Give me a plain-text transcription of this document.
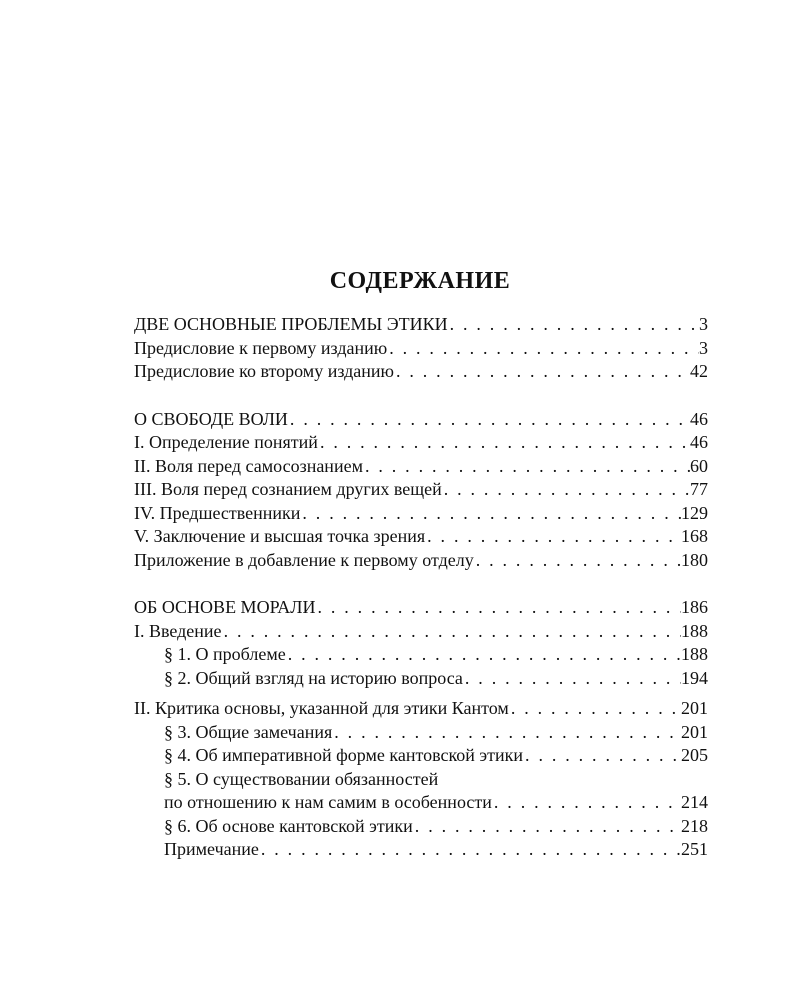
СОДЕРЖАНИЕ
ДВЕ ОСНОВНЫЕ ПРОБЛЕМЫ ЭТИКИ . . .	3
Предисловие к первому изданию . . .	3
Предисловие ко второму изданию . . .	42
О СВОБОДЕ ВОЛИ . . .	46
I. Определение понятий . . .	46
II. Воля перед самосознанием . . .	60
III. Воля перед сознанием других вещей . . .	77
IV. Предшественники . . .	129
V. Заключение и высшая точка зрения . . .	168
Приложение в добавление к первому отделу . . .	180
ОБ ОСНОВЕ МОРАЛИ . . .	186
I. Введение . . .	188
§ 1. О проблеме . . .	188
§ 2. Общий взгляд на историю вопроса . . .	194
II. Критика основы, указанной для этики Кантом . . .	201
§ 3. Общие замечания . . .	201
§ 4. Об императивной форме кантовской этики . . .	205
§ 5. О существовании обязанностей
по отношению к нам самим в особенности . . .	214
§ 6. Об основе кантовской этики . . .	218
Примечание . . .	251
